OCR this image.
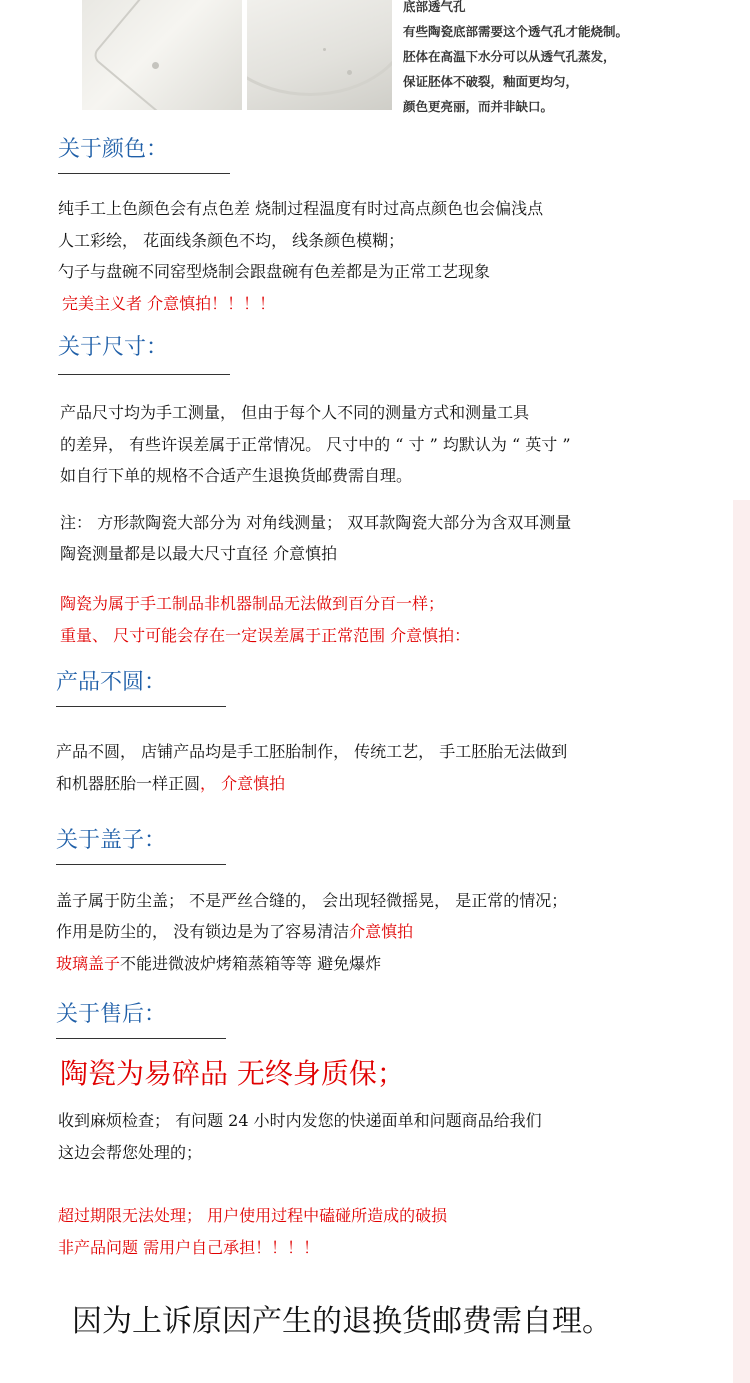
底部透气孔
有些陶瓷底部需要这个透气孔才能烧制。
胚体在高温下水分可以从透气孔蒸发，
保证胚体不破裂，釉面更均匀，
颜色更亮丽，而并非缺口。
关于颜色：
纯手工上色颜色会有点色差 烧制过程温度有时过高点颜色也会偏浅点
人工彩绘， 花面线条颜色不均， 线条颜色模糊；
勺子与盘碗不同窑型烧制会跟盘碗有色差都是为正常工艺现象
完美主义者 介意慎拍！！！！
关于尺寸：
产品尺寸均为手工测量， 但由于每个人不同的测量方式和测量工具
的差异， 有些许误差属于正常情况。 尺寸中的 “ 寸 ” 均默认为 “ 英寸 ”
如自行下单的规格不合适产生退换货邮费需自理。
注： 方形款陶瓷大部分为 对角线测量； 双耳款陶瓷大部分为含双耳测量
陶瓷测量都是以最大尺寸直径 介意慎拍
陶瓷为属于手工制品非机器制品无法做到百分百一样；
重量、 尺寸可能会存在一定误差属于正常范围 介意慎拍：
产品不圆：
产品不圆， 店铺产品均是手工胚胎制作， 传统工艺， 手工胚胎无法做到
和机器胚胎一样正圆， 介意慎拍
关于盖子：
盖子属于防尘盖； 不是严丝合缝的， 会出现轻微摇晃， 是正常的情况；
作用是防尘的， 没有锁边是为了容易清洁介意慎拍
玻璃盖子不能进微波炉烤箱蒸箱等等 避免爆炸
关于售后：
陶瓷为易碎品 无终身质保；
收到麻烦检查； 有问题 24 小时内发您的快递面单和问题商品给我们
这边会帮您处理的；
超过期限无法处理； 用户使用过程中磕碰所造成的破损
非产品问题 需用户自己承担！！！！
因为上诉原因产生的退换货邮费需自理。
